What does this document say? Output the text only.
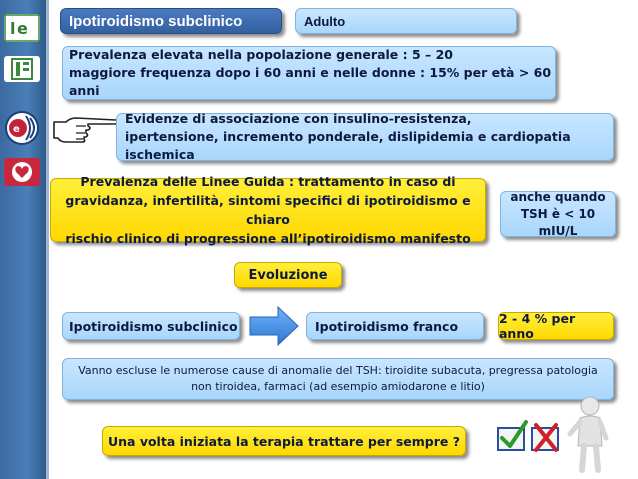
l e
e
Ipotiroidismo subclinico	Adulto
Prevalenza elevata nella popolazione generale : 5 – 20
maggiore frequenza dopo i 60 anni e nelle donne : 15% per età > 60 anni
Evidenze di associazione con insulino-resistenza,
ipertensione, incremento ponderale, dislipidemia e cardiopatia ischemica
Prevalenza delle Linee Guida : trattamento in caso di
gravidanza, infertilità, sintomi specifici di ipotiroidismo e chiaro
rischio clinico di progressione all’ipotiroidismo manifesto
anche quando
TSH è < 10 mIU/L
Evoluzione
Ipotiroidismo subclinico	Ipotiroidismo franco	2 - 4 % per anno
Vanno escluse le numerose cause di anomalie del TSH: tiroidite subacuta, pregressa patologia
non tiroidea, farmaci (ad esempio amiodarone e litio)
Una volta iniziata la terapia trattare per sempre ?
